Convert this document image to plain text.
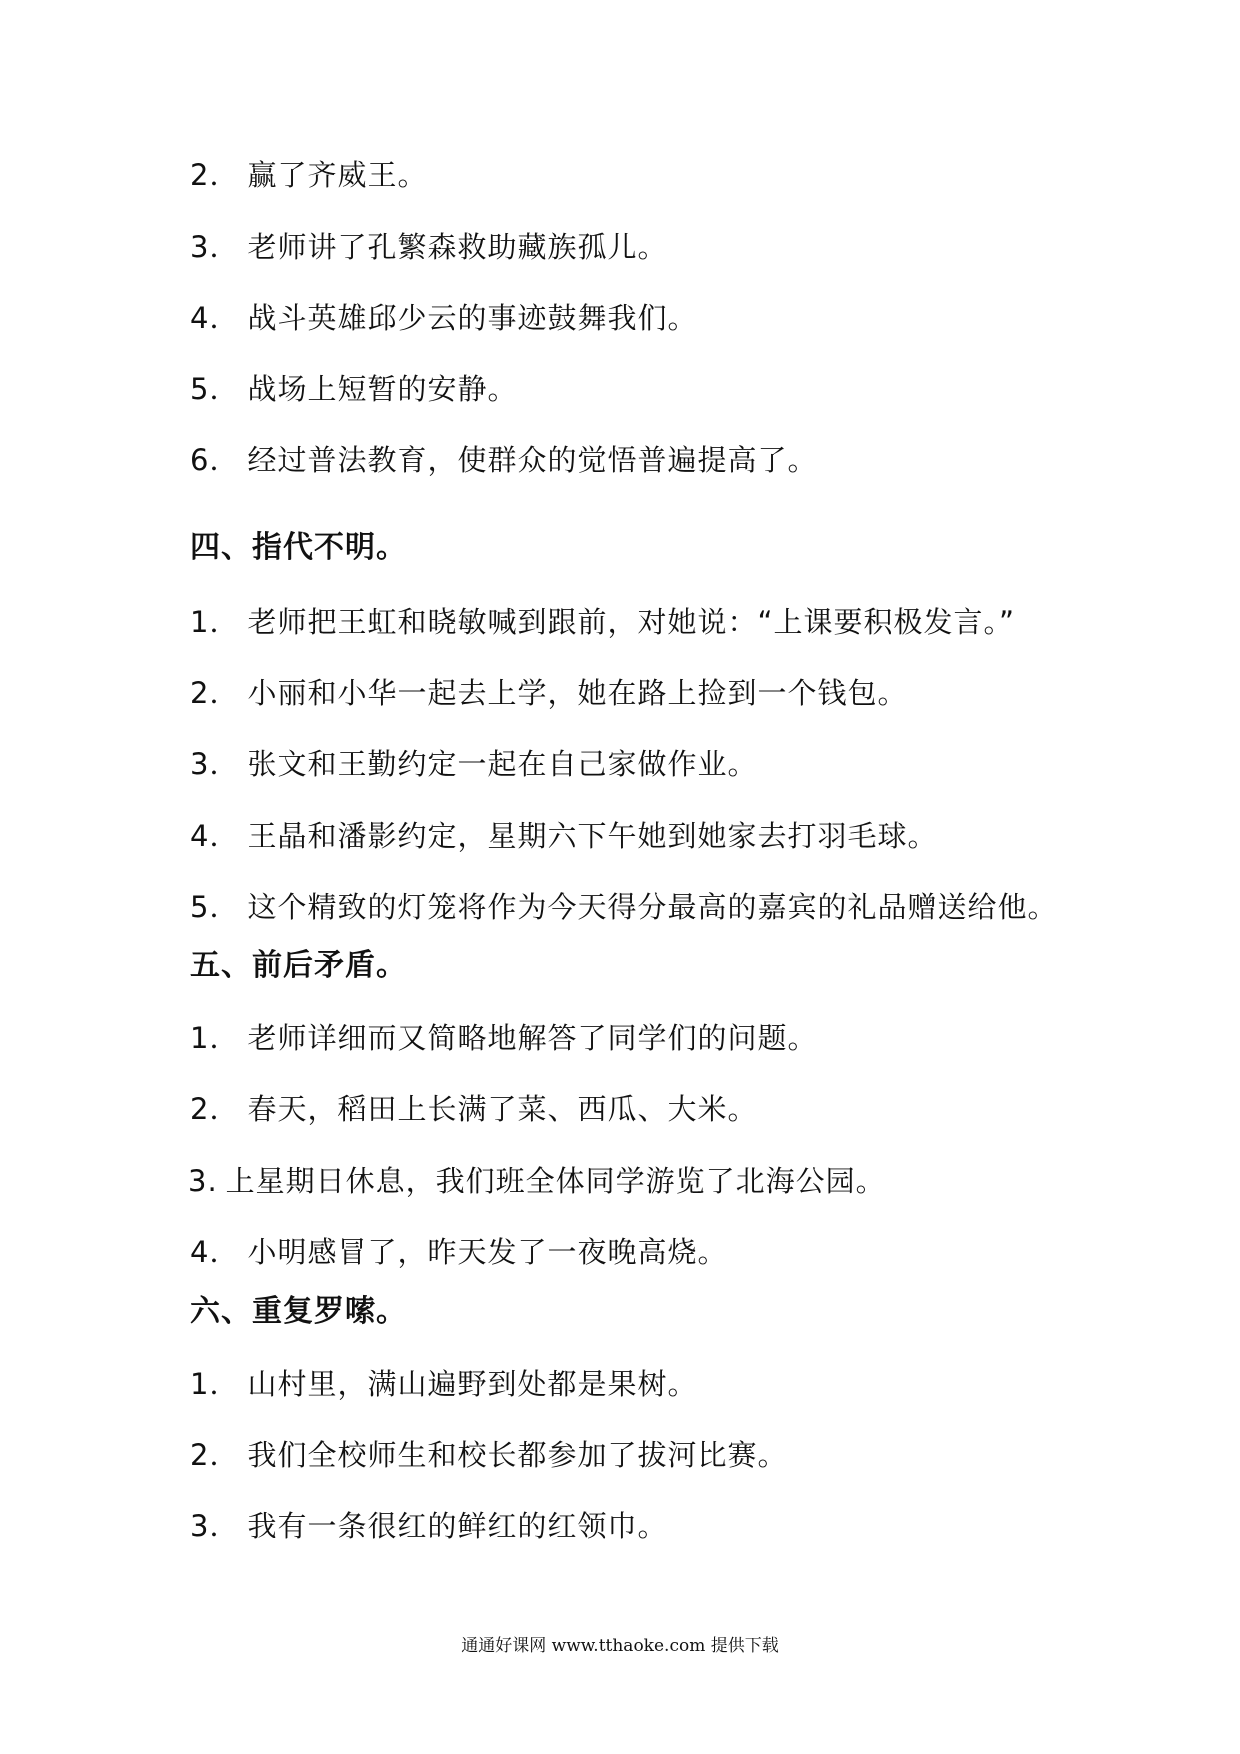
2． 赢了齐威王。
3． 老师讲了孔繁森救助藏族孤儿。
4． 战斗英雄邱少云的事迹鼓舞我们。
5． 战场上短暂的安静。
6． 经过普法教育，使群众的觉悟普遍提高了。
四、指代不明。
1． 老师把王虹和晓敏喊到跟前，对她说：“上课要积极发言。”
2． 小丽和小华一起去上学，她在路上捡到一个钱包。
3． 张文和王勤约定一起在自己家做作业。
4． 王晶和潘影约定，星期六下午她到她家去打羽毛球。
5． 这个精致的灯笼将作为今天得分最高的嘉宾的礼品赠送给他。
五、前后矛盾。
1． 老师详细而又简略地解答了同学们的问题。
2． 春天，稻田上长满了菜、西瓜、大米。
3. 上星期日休息，我们班全体同学游览了北海公园。
4． 小明感冒了，昨天发了一夜晚高烧。
六、重复罗嗦。
1． 山村里，满山遍野到处都是果树。
2． 我们全校师生和校长都参加了拔河比赛。
3． 我有一条很红的鲜红的红领巾。
通通好课网 www.tthaoke.com 提供下载
